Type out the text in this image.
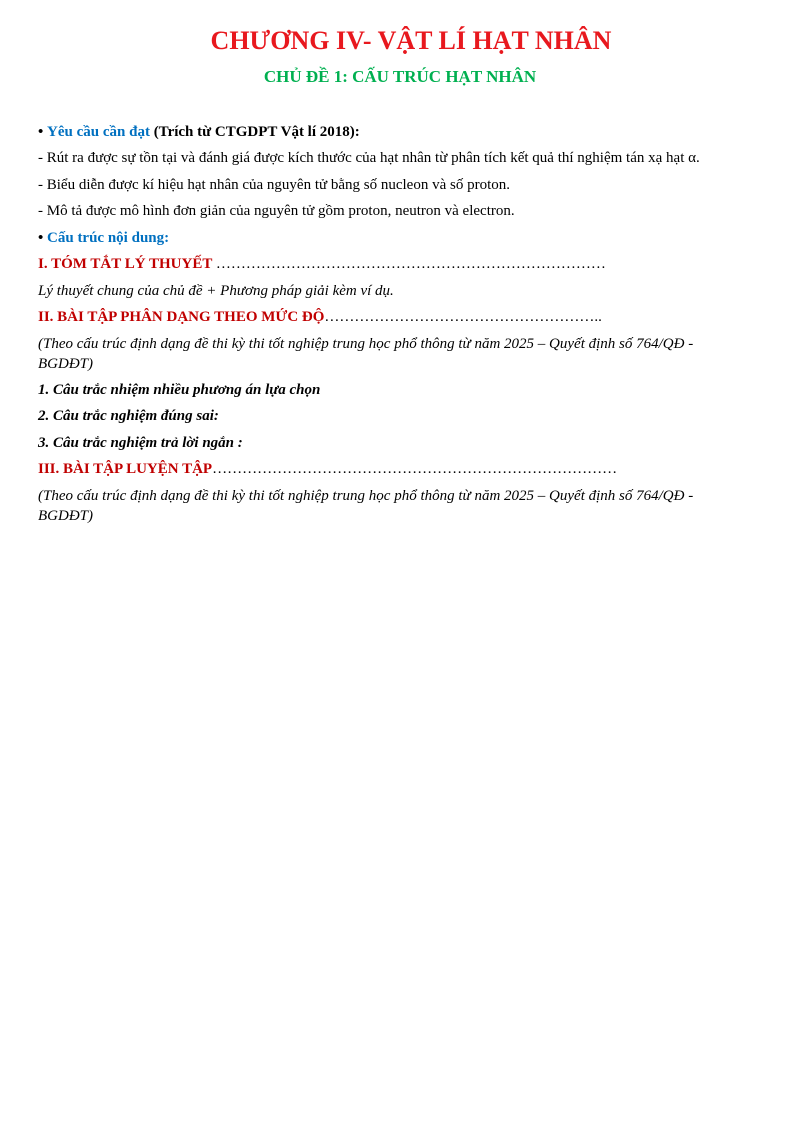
CHƯƠNG IV- VẬT LÍ HẠT NHÂN
CHỦ ĐỀ 1: CẤU TRÚC HẠT NHÂN
• Yêu cầu cần đạt (Trích từ CTGDPT Vật lí 2018):
- Rút ra được sự tồn tại và đánh giá được kích thước của hạt nhân từ phân tích kết quả thí nghiệm tán xạ hạt α.
- Biểu diễn được kí hiệu hạt nhân của nguyên tử bằng số nucleon và số proton.
- Mô tả được mô hình đơn giản của nguyên tử gồm proton, neutron và electron.
• Cấu trúc nội dung:
I. TÓM TẮT LÝ THUYẾT ……………………………………………………………………
Lý thuyết chung của chủ đề + Phương pháp giải kèm ví dụ.
II. BÀI TẬP PHÂN DẠNG THEO MỨC ĐỘ………………………………………………..
(Theo cấu trúc định dạng đề thi kỳ thi tốt nghiệp trung học phổ thông từ năm 2025 – Quyết định số 764/QĐ - BGDĐT)
1. Câu trắc nhiệm nhiều phương án lựa chọn
2. Câu trắc nghiệm đúng sai:
3. Câu trắc nghiệm trả lời ngắn :
III. BÀI TẬP LUYỆN TẬP………………………………………………………………………
(Theo cấu trúc định dạng đề thi kỳ thi tốt nghiệp trung học phổ thông từ năm 2025 – Quyết định số 764/QĐ - BGDĐT)
